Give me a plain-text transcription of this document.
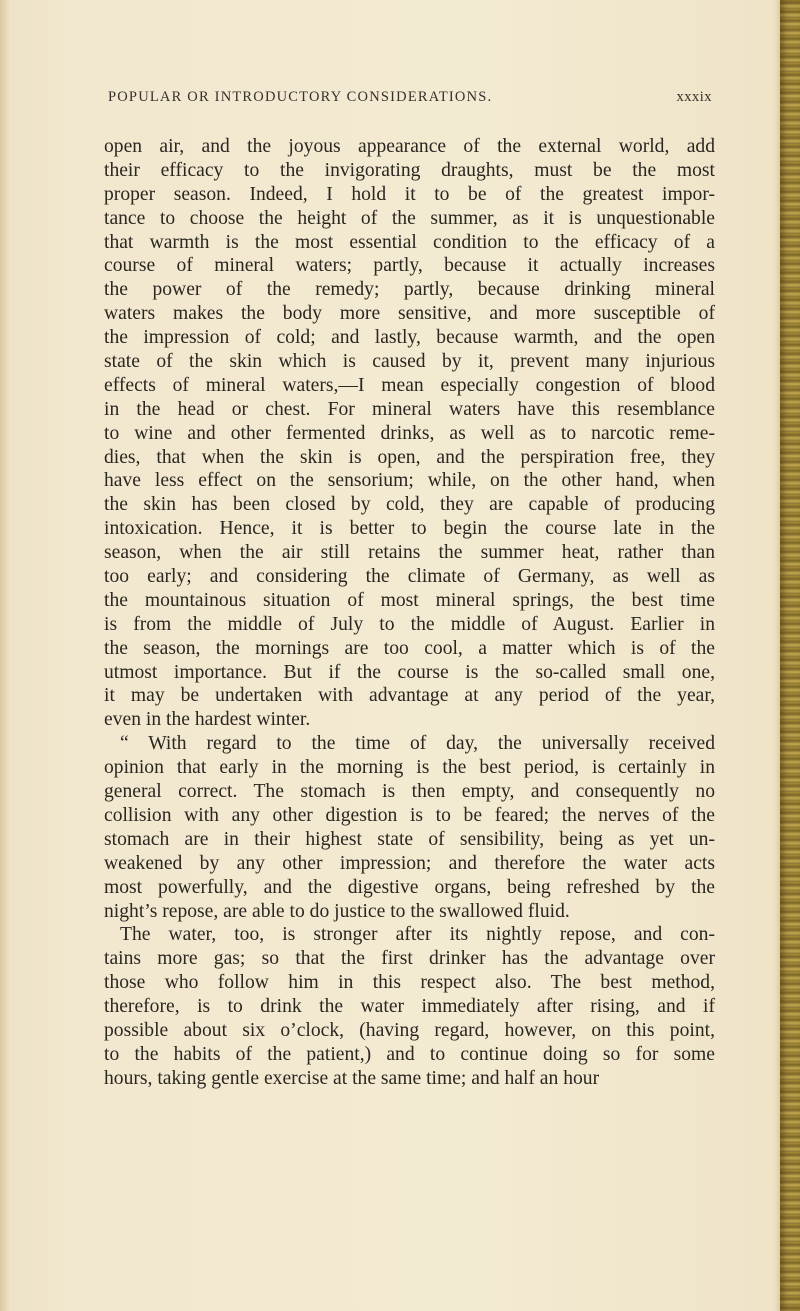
POPULAR OR INTRODUCTORY CONSIDERATIONS.	xxxix
open air, and the joyous appearance of the external world, add
their efficacy to the invigorating draughts, must be the most
proper season. Indeed, I hold it to be of the greatest impor-
tance to choose the height of the summer, as it is unquestionable
that warmth is the most essential condition to the efficacy of a
course of mineral waters; partly, because it actually increases
the power of the remedy; partly, because drinking mineral
waters makes the body more sensitive, and more susceptible of
the impression of cold; and lastly, because warmth, and the open
state of the skin which is caused by it, prevent many injurious
effects of mineral waters,—I mean especially congestion of blood
in the head or chest. For mineral waters have this resemblance
to wine and other fermented drinks, as well as to narcotic reme-
dies, that when the skin is open, and the perspiration free, they
have less effect on the sensorium; while, on the other hand, when
the skin has been closed by cold, they are capable of producing
intoxication. Hence, it is better to begin the course late in the
season, when the air still retains the summer heat, rather than
too early; and considering the climate of Germany, as well as
the mountainous situation of most mineral springs, the best time
is from the middle of July to the middle of August. Earlier in
the season, the mornings are too cool, a matter which is of the
utmost importance. But if the course is the so-called small one,
it may be undertaken with advantage at any period of the year,
even in the hardest winter.
“ With regard to the time of day, the universally received
opinion that early in the morning is the best period, is certainly in
general correct. The stomach is then empty, and consequently no
collision with any other digestion is to be feared; the nerves of the
stomach are in their highest state of sensibility, being as yet un-
weakened by any other impression; and therefore the water acts
most powerfully, and the digestive organs, being refreshed by the
night’s repose, are able to do justice to the swallowed fluid.
The water, too, is stronger after its nightly repose, and con-
tains more gas; so that the first drinker has the advantage over
those who follow him in this respect also. The best method,
therefore, is to drink the water immediately after rising, and if
possible about six o’clock, (having regard, however, on this point,
to the habits of the patient,) and to continue doing so for some
hours, taking gentle exercise at the same time; and half an hour
